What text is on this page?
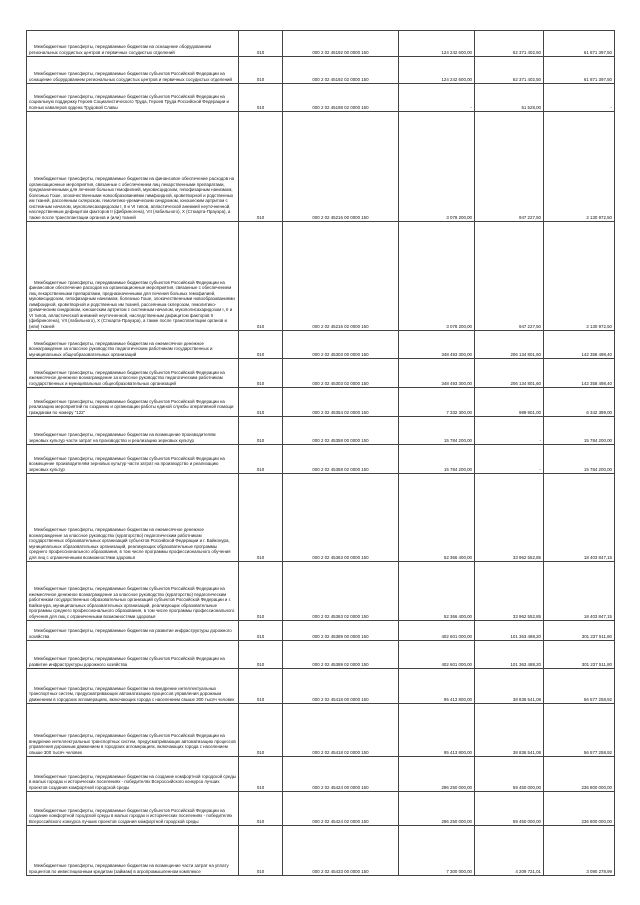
Межбюджетные трансферты, передаваемые бюджетам на оснащение оборудованием региональных сосудистых центров и первичных сосудистых отделений	010	000 2 02 45192 00 0000 150	124 242 600,00	62 371 402,50	61 871 397,50
Межбюджетные трансферты, передаваемые бюджетам субъектов Российской Федерации на оснащение оборудованием региональных сосудистых центров и первичных сосудистых отделений	010	000 2 02 45192 02 0000 150	124 242 600,00	62 371 402,50	61 871 397,50
Межбюджетные трансферты, передаваемые бюджетам субъектов Российской Федерации на социальную поддержку Героев Социалистического Труда, Героев Труда Российской Федерации и полных кавалеров ордена Трудовой Славы	010	000 2 02 45198 02 0000 150	-	51 528,00	-
Межбюджетные трансферты, передаваемые бюджетам на финансовое обеспечение расходов на организационные мероприятия, связанные с обеспечением лиц лекарственными препаратами, предназначенными для лечения больных гемофилией, муковисцидозом, гипофизарным нанизмом, болезнью Гоше, злокачественными новообразованиями лимфоидной, кроветворной и родственных им тканей, рассеянным склерозом, гемолитико-уремическим синдромом, юношеским артритом с системным началом, мукополисахаридозом I, II и VI типов, апластической анемией неуточненной, наследственным дефицитом факторов II (фибриногена), VII (лабильного), X (Стюарта-Прауэра), а также после трансплантации органов и (или) тканей	010	000 2 02 45216 00 0000 150	3 078 200,00	947 227,50	2 130 972,50
Межбюджетные трансферты, передаваемые бюджетам субъектов Российской Федерации на финансовое обеспечение расходов на организационные мероприятия, связанные с обеспечением лиц лекарственными препаратами, предназначенными для лечения больных гемофилией, муковисцидозом, гипофизарным нанизмом, болезнью Гоше, злокачественными новообразованиями лимфоидной, кроветворной и родственных им тканей, рассеянным склерозом, гемолитико-уремическим синдромом, юношеским артритом с системным началом, мукополисахаридозом I, II и VI типов, апластической анемией неуточненной, наследственным дефицитом факторов II (фибриногена), VII (лабильного), X (Стюарта-Прауэра), а также после трансплантации органов и (или) тканей	010	000 2 02 45216 02 0000 150	3 078 200,00	947 227,50	2 130 972,50
Межбюджетные трансферты, передаваемые бюджетам на ежемесячное денежное вознаграждение за классное руководство педагогическим работникам государственных и муниципальных общеобразовательных организаций	010	000 2 02 45303 00 0000 150	348 493 300,00	206 134 801,60	142 358 498,40
Межбюджетные трансферты, передаваемые бюджетам субъектов Российской Федерации на ежемесячное денежное вознаграждение за классное руководство педагогическим работникам государственных и муниципальных общеобразовательных организаций	010	000 2 02 45303 02 0000 150	348 493 300,00	206 134 801,60	142 358 498,40
Межбюджетные трансферты, передаваемые бюджетам субъектов Российской Федерации на реализацию мероприятий по созданию и организации работы единой службы оперативной помощи гражданам по номеру "122"	010	000 2 02 45354 02 0000 150	7 332 300,00	989 901,00	6 342 399,00
Межбюджетные трансферты, передаваемые бюджетам на возмещение производителям зерновых культур части затрат на производство и реализацию зерновых культур	010	000 2 02 45358 00 0000 150	15 784 200,00	-	15 784 200,00
Межбюджетные трансферты, передаваемые бюджетам субъектов Российской Федерации на возмещение производителям зерновых культур части затрат на производство и реализацию зерновых культур	010	000 2 02 45358 02 0000 150	15 784 200,00	-	15 784 200,00
Межбюджетные трансферты, передаваемые бюджетам на ежемесячное денежное вознаграждение за классное руководство (кураторство) педагогическим работникам государственных образовательных организаций субъектов Российской Федерации и г. Байконура, муниципальных образовательных организаций, реализующих образовательные программы среднего профессионального образования, в том числе программы профессионального обучения для лиц с ограниченными возможностями здоровья	010	000 2 02 45363 00 0000 150	52 366 400,00	33 962 552,85	18 403 847,15
Межбюджетные трансферты, передаваемые бюджетам субъектов Российской Федерации на ежемесячное денежное вознаграждение за классное руководство (кураторство) педагогическим работникам государственных образовательных организаций субъектов Российской Федерации и г. Байконура, муниципальных образовательных организаций, реализующих образовательные программы среднего профессионального образования, в том числе программы профессионального обучения для лиц с ограниченными возможностями здоровья	010	000 2 02 45363 02 0000 150	52 366 400,00	33 962 552,85	18 403 847,15
Межбюджетные трансферты, передаваемые бюджетам на развитие инфраструктуры дорожного хозяйства	010	000 2 02 45389 00 0000 150	402 601 000,00	101 363 488,20	301 237 511,80
Межбюджетные трансферты, передаваемые бюджетам субъектов Российской Федерации на развитие инфраструктуры дорожного хозяйства	010	000 2 02 45389 02 0000 150	402 601 000,00	101 363 488,20	301 237 511,80
Межбюджетные трансферты, передаваемые бюджетам на внедрение интеллектуальных транспортных систем, предусматривающих автоматизацию процессов управления дорожным движением в городских агломерациях, включающих города с населением свыше 300 тысяч человек	010	000 2 02 45418 00 0000 150	95 413 800,00	38 836 541,08	56 577 258,92
Межбюджетные трансферты, передаваемые бюджетам субъектов Российской Федерации на внедрение интеллектуальных транспортных систем, предусматривающих автоматизацию процессов управления дорожным движением в городских агломерациях, включающих города с населением свыше 300 тысяч человек	010	000 2 02 45418 02 0000 150	95 413 800,00	38 836 541,08	56 577 258,92
Межбюджетные трансферты, передаваемые бюджетам на создание комфортной городской среды в малых городах и исторических поселениях - победителях Всероссийского конкурса лучших проектов создания комфортной городской среды	010	000 2 02 45424 00 0000 150	296 250 000,00	59 450 000,00	236 800 000,00
Межбюджетные трансферты, передаваемые бюджетам субъектов Российской Федерации на создание комфортной городской среды в малых городах и исторических поселениях - победителях Всероссийского конкурса лучших проектов создания комфортной городской среды	010	000 2 02 45424 02 0000 150	296 250 000,00	59 450 000,00	236 800 000,00
Межбюджетные трансферты, передаваемые бюджетам на возмещение части затрат на уплату процентов по инвестиционным кредитам (займам) в агропромышленном комплексе	010	000 2 02 45433 00 0000 150	7 300 000,00	4 209 721,01	3 090 278,99
